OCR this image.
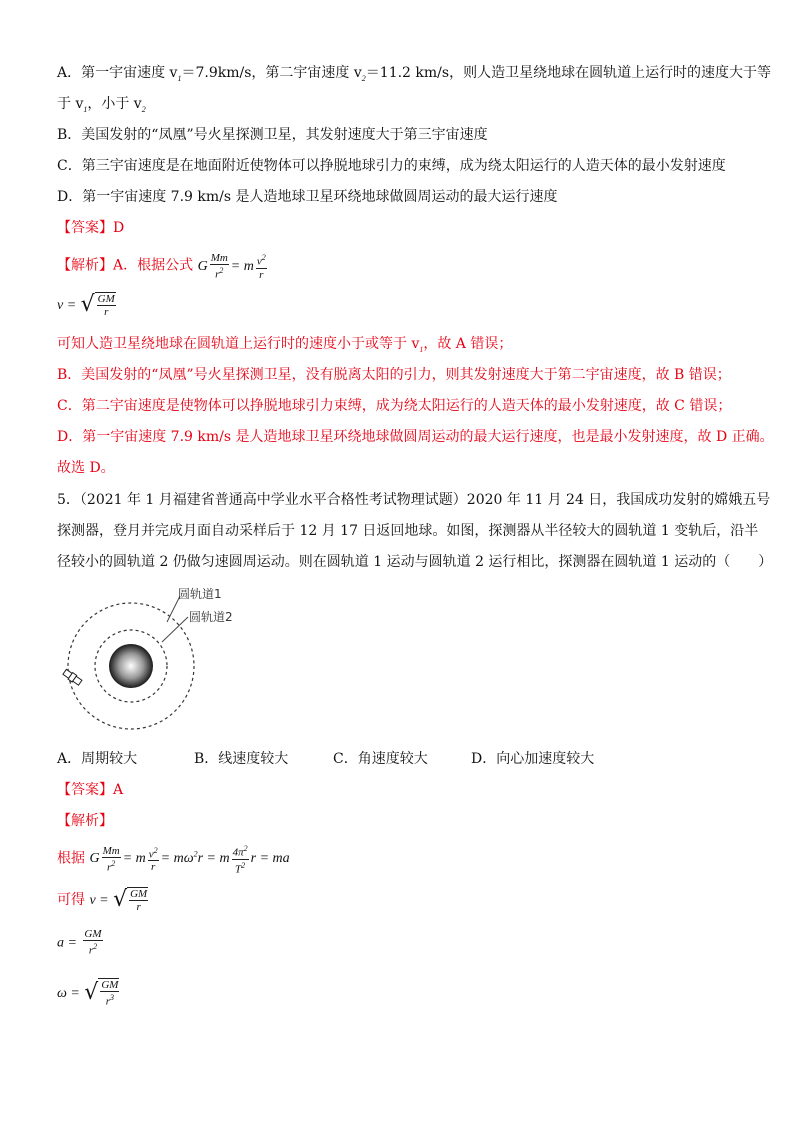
A．第一宇宙速度 $v_1=7.9km/s$，第二宇宙速度 $v_2=11.2$ km/s，则人造卫星绕地球在圆轨道上运行时的速度大于等
于 $v_1$，小于 $v_2$
B．美国发射的“凤凰”号火星探测卫星，其发射速度大于第三宇宙速度
C．第三宇宙速度是在地面附近使物体可以挣脱地球引力的束缚，成为绕太阳运行的人造天体的最小发射速度
D．第一宇宙速度 7.9 km/s 是人造地球卫星环绕地球做圆周运动的最大运行速度
【答案】D
【解析】A．根据公式 G $\frac{Mm}{r^2} = m \frac{v^2}{r}$
v = √ $\frac{GM}{r}$
可知人造卫星绕地球在圆轨道上运行时的速度小于或等于 $v_1$，故 A 错误；
B．美国发射的“凤凰”号火星探测卫星，没有脱离太阳的引力，则其发射速度大于第二宇宙速度，故 B 错误；
C．第二宇宙速度是使物体可以挣脱地球引力束缚，成为绕太阳运行的人造天体的最小发射速度，故 C 错误；
D．第一宇宙速度 7.9 km/s 是人造地球卫星环绕地球做圆周运动的最大运行速度，也是最小发射速度，故 D 正确。
故选 D。
5．（2021 年 1 月福建省普通高中学业水平合格性考试物理试题）2020 年 11 月 24 日，我国成功发射的嫦娥五号
探测器，登月并完成月面自动采样后于 12 月 17 日返回地球。如图，探测器从半径较大的圆轨道 1 变轨后，沿半
径较小的圆轨道 2 仍做匀速圆周运动。则在圆轨道 1 运动与圆轨道 2 运行相比，探测器在圆轨道 1 运动的（　　）
圆轨道1
圆轨道2
A．周期较大	B．线速度较大	C．角速度较大	D．向心加速度较大
【答案】A
【解析】
根据 G $\frac{Mm}{r^2} = m \frac{v^2}{r} = m\omega^2r = m \frac{4\pi^2}{T^2}$ r = ma
可得 v = √ $\frac{GM}{r}$
$a = \frac{GM}{r^2}$
ω = √ $\frac{GM}{r^3}$
